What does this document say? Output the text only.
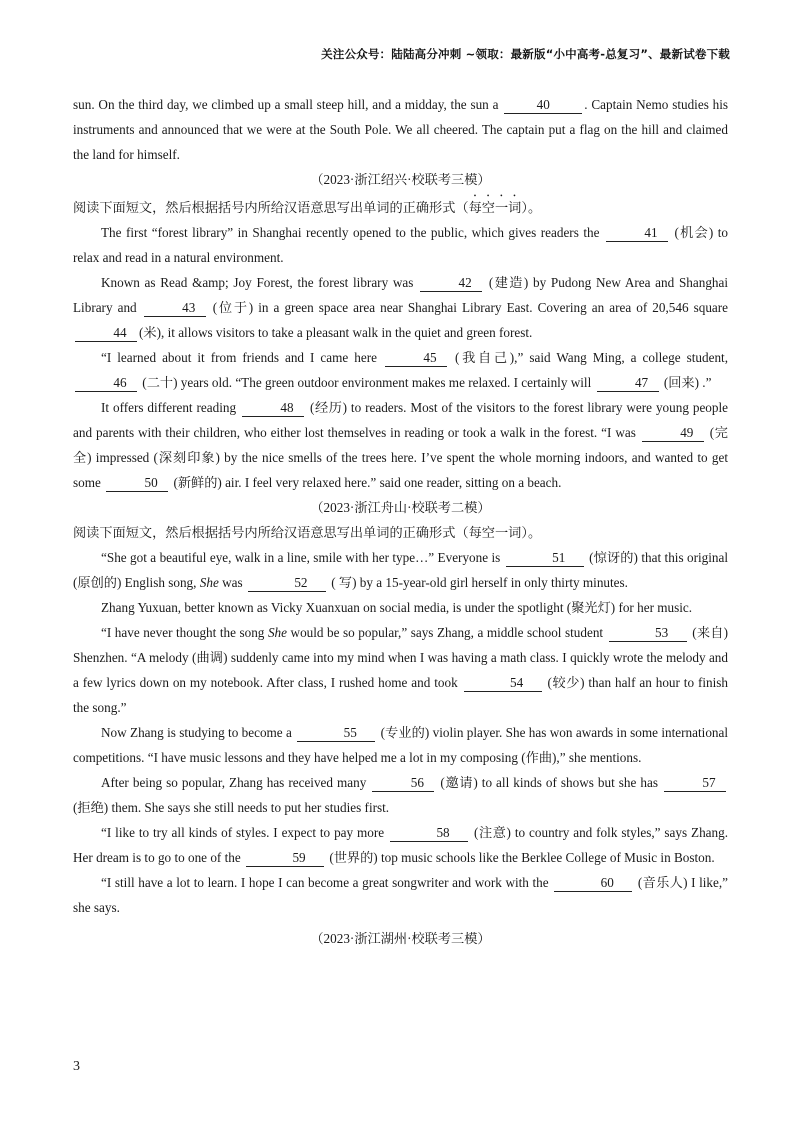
关注公众号：陆陆高分冲刺 ~领取：最新版“小中高考-总复习”、最新试卷下载

sun. On the third day, we climbed up a small steep hill, and a midday, the sun a	40	. Captain Nemo studies his instruments and announced that we were at the South Pole. We all cheered. The captain put a flag on the hill and claimed the land for himself.

（2023·浙江绍兴·校联考三模）

阅读下面短文，然后根据括号内所给汉语意思写出单词的正确形式（每空一词）。

The first “forest library” in Shanghai recently opened to the public, which gives readers the	41 (机会) to relax and read in a natural environment.

Known as Read &amp; Joy Forest, the forest library was	42 (建造) by Pudong New Area and Shanghai Library and	43 (位于) in a green space area near Shanghai Library East. Covering an area of 20,546 square 44 (米), it allows visitors to take a pleasant walk in the quiet and green forest.

“I learned about it from friends and I came here	45 (我自己),” said Wang Ming, a college student, 46 (二十) years old. “The green outdoor environment makes me relaxed. I certainly will	47 (回来) .”

It offers different reading	48 (经历) to readers. Most of the visitors to the forest library were young people and parents with their children, who either lost themselves in reading or took a walk in the forest. “I was	49 (完全) impressed (深刻印象) by the nice smells of the trees here. I’ve spent the whole morning indoors, and wanted to get some	50 (新鲜的) air. I feel very relaxed here.” said one reader, sitting on a beach.

（2023·浙江舟山·校联考二模）

阅读下面短文，然后根据括号内所给汉语意思写出单词的正确形式（每空一词）。

“She got a beautiful eye, walk in a line, smile with her type…” Everyone is	51 (惊讶的) that this original (原创的) English song, She was	52 ( 写) by a 15-year-old girl herself in only thirty minutes.

Zhang Yuxuan, better known as Vicky Xuanxuan on social media, is under the spotlight (聚光灯) for her music.

“I have never thought the song She would be so popular,” says Zhang, a middle school student	53 (来自) Shenzhen. “A melody (曲调) suddenly came into my mind when I was having a math class. I quickly wrote the melody and a few lyrics down on my notebook. After class, I rushed home and took	54 (较少) than half an hour to finish the song.”

Now Zhang is studying to become a	55 (专业的) violin player. She has won awards in some international competitions. “I have music lessons and they have helped me a lot in my composing (作曲),” she mentions.

After being so popular, Zhang has received many	56 (邀请) to all kinds of shows but she has	57 (拒绝) them. She says she still needs to put her studies first.

“I like to try all kinds of styles. I expect to pay more	58 (注意) to country and folk styles,” says Zhang. Her dream is to go to one of the	59 (世界的) top music schools like the Berklee College of Music in Boston.

“I still have a lot to learn. I hope I can become a great songwriter and work with the	60 (音乐人) I like,” she says.

（2023·浙江湖州·校联考三模）

3
